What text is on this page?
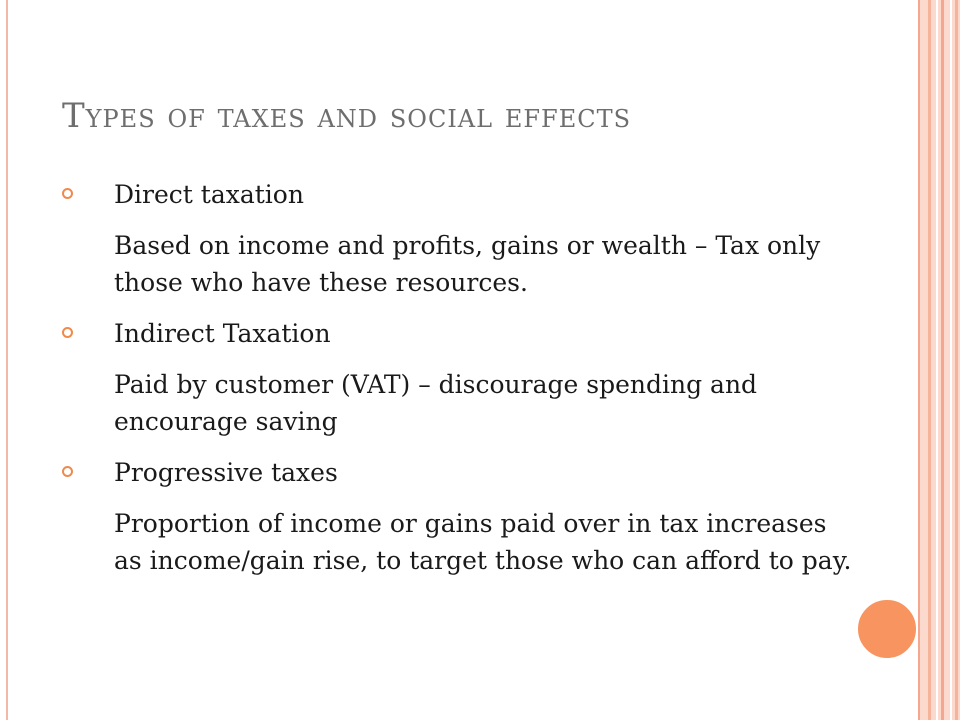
Types of taxes and social effects
Direct taxation
Based on income and profits, gains or wealth – Tax only those who have these resources.
Indirect Taxation
Paid by customer (VAT) – discourage spending and encourage saving
Progressive taxes
Proportion of income or gains paid over in tax increases as income/gain rise, to target those who can afford to pay.
